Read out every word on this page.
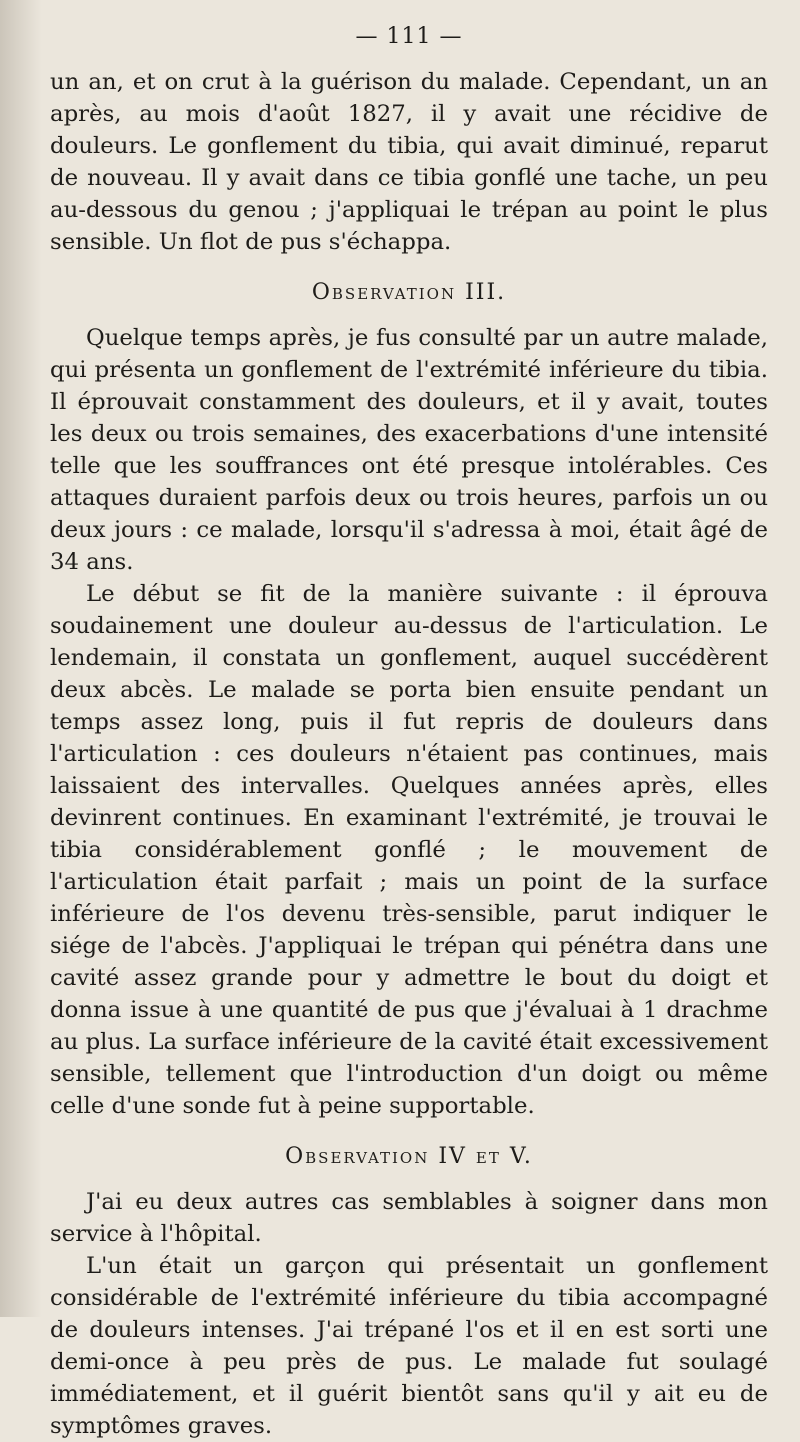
— 111 —

un an, et on crut à la guérison du malade. Cependant, un an après, au mois d'août 1827, il y avait une récidive de douleurs. Le gonflement du tibia, qui avait diminué, reparut de nouveau. Il y avait dans ce tibia gonflé une tache, un peu au-dessous du genou ; j'appliquai le trépan au point le plus sensible. Un flot de pus s'échappa.

Observation III.

Quelque temps après, je fus consulté par un autre malade, qui présenta un gonflement de l'extrémité inférieure du tibia. Il éprouvait constamment des douleurs, et il y avait, toutes les deux ou trois semaines, des exacerbations d'une intensité telle que les souffrances ont été presque intolérables. Ces attaques duraient parfois deux ou trois heures, parfois un ou deux jours : ce malade, lorsqu'il s'adressa à moi, était âgé de 34 ans.

Le début se fit de la manière suivante : il éprouva soudainement une douleur au-dessus de l'articulation. Le lendemain, il constata un gonflement, auquel succédèrent deux abcès. Le malade se porta bien ensuite pendant un temps assez long, puis il fut repris de douleurs dans l'articulation : ces douleurs n'étaient pas continues, mais laissaient des intervalles. Quelques années après, elles devinrent continues. En examinant l'extrémité, je trouvai le tibia considérablement gonflé ; le mouvement de l'articulation était parfait ; mais un point de la surface inférieure de l'os devenu très-sensible, parut indiquer le siége de l'abcès. J'appliquai le trépan qui pénétra dans une cavité assez grande pour y admettre le bout du doigt et donna issue à une quantité de pus que j'évaluai à 1 drachme au plus. La surface inférieure de la cavité était excessivement sensible, tellement que l'introduction d'un doigt ou même celle d'une sonde fut à peine supportable.

Observation IV et V.

J'ai eu deux autres cas semblables à soigner dans mon service à l'hôpital.

L'un était un garçon qui présentait un gonflement considérable de l'extrémité inférieure du tibia accompagné de douleurs intenses. J'ai trépané l'os et il en est sorti une demi-once à peu près de pus. Le malade fut soulagé immédiatement, et il guérit bientôt sans qu'il y ait eu de symptômes graves.
